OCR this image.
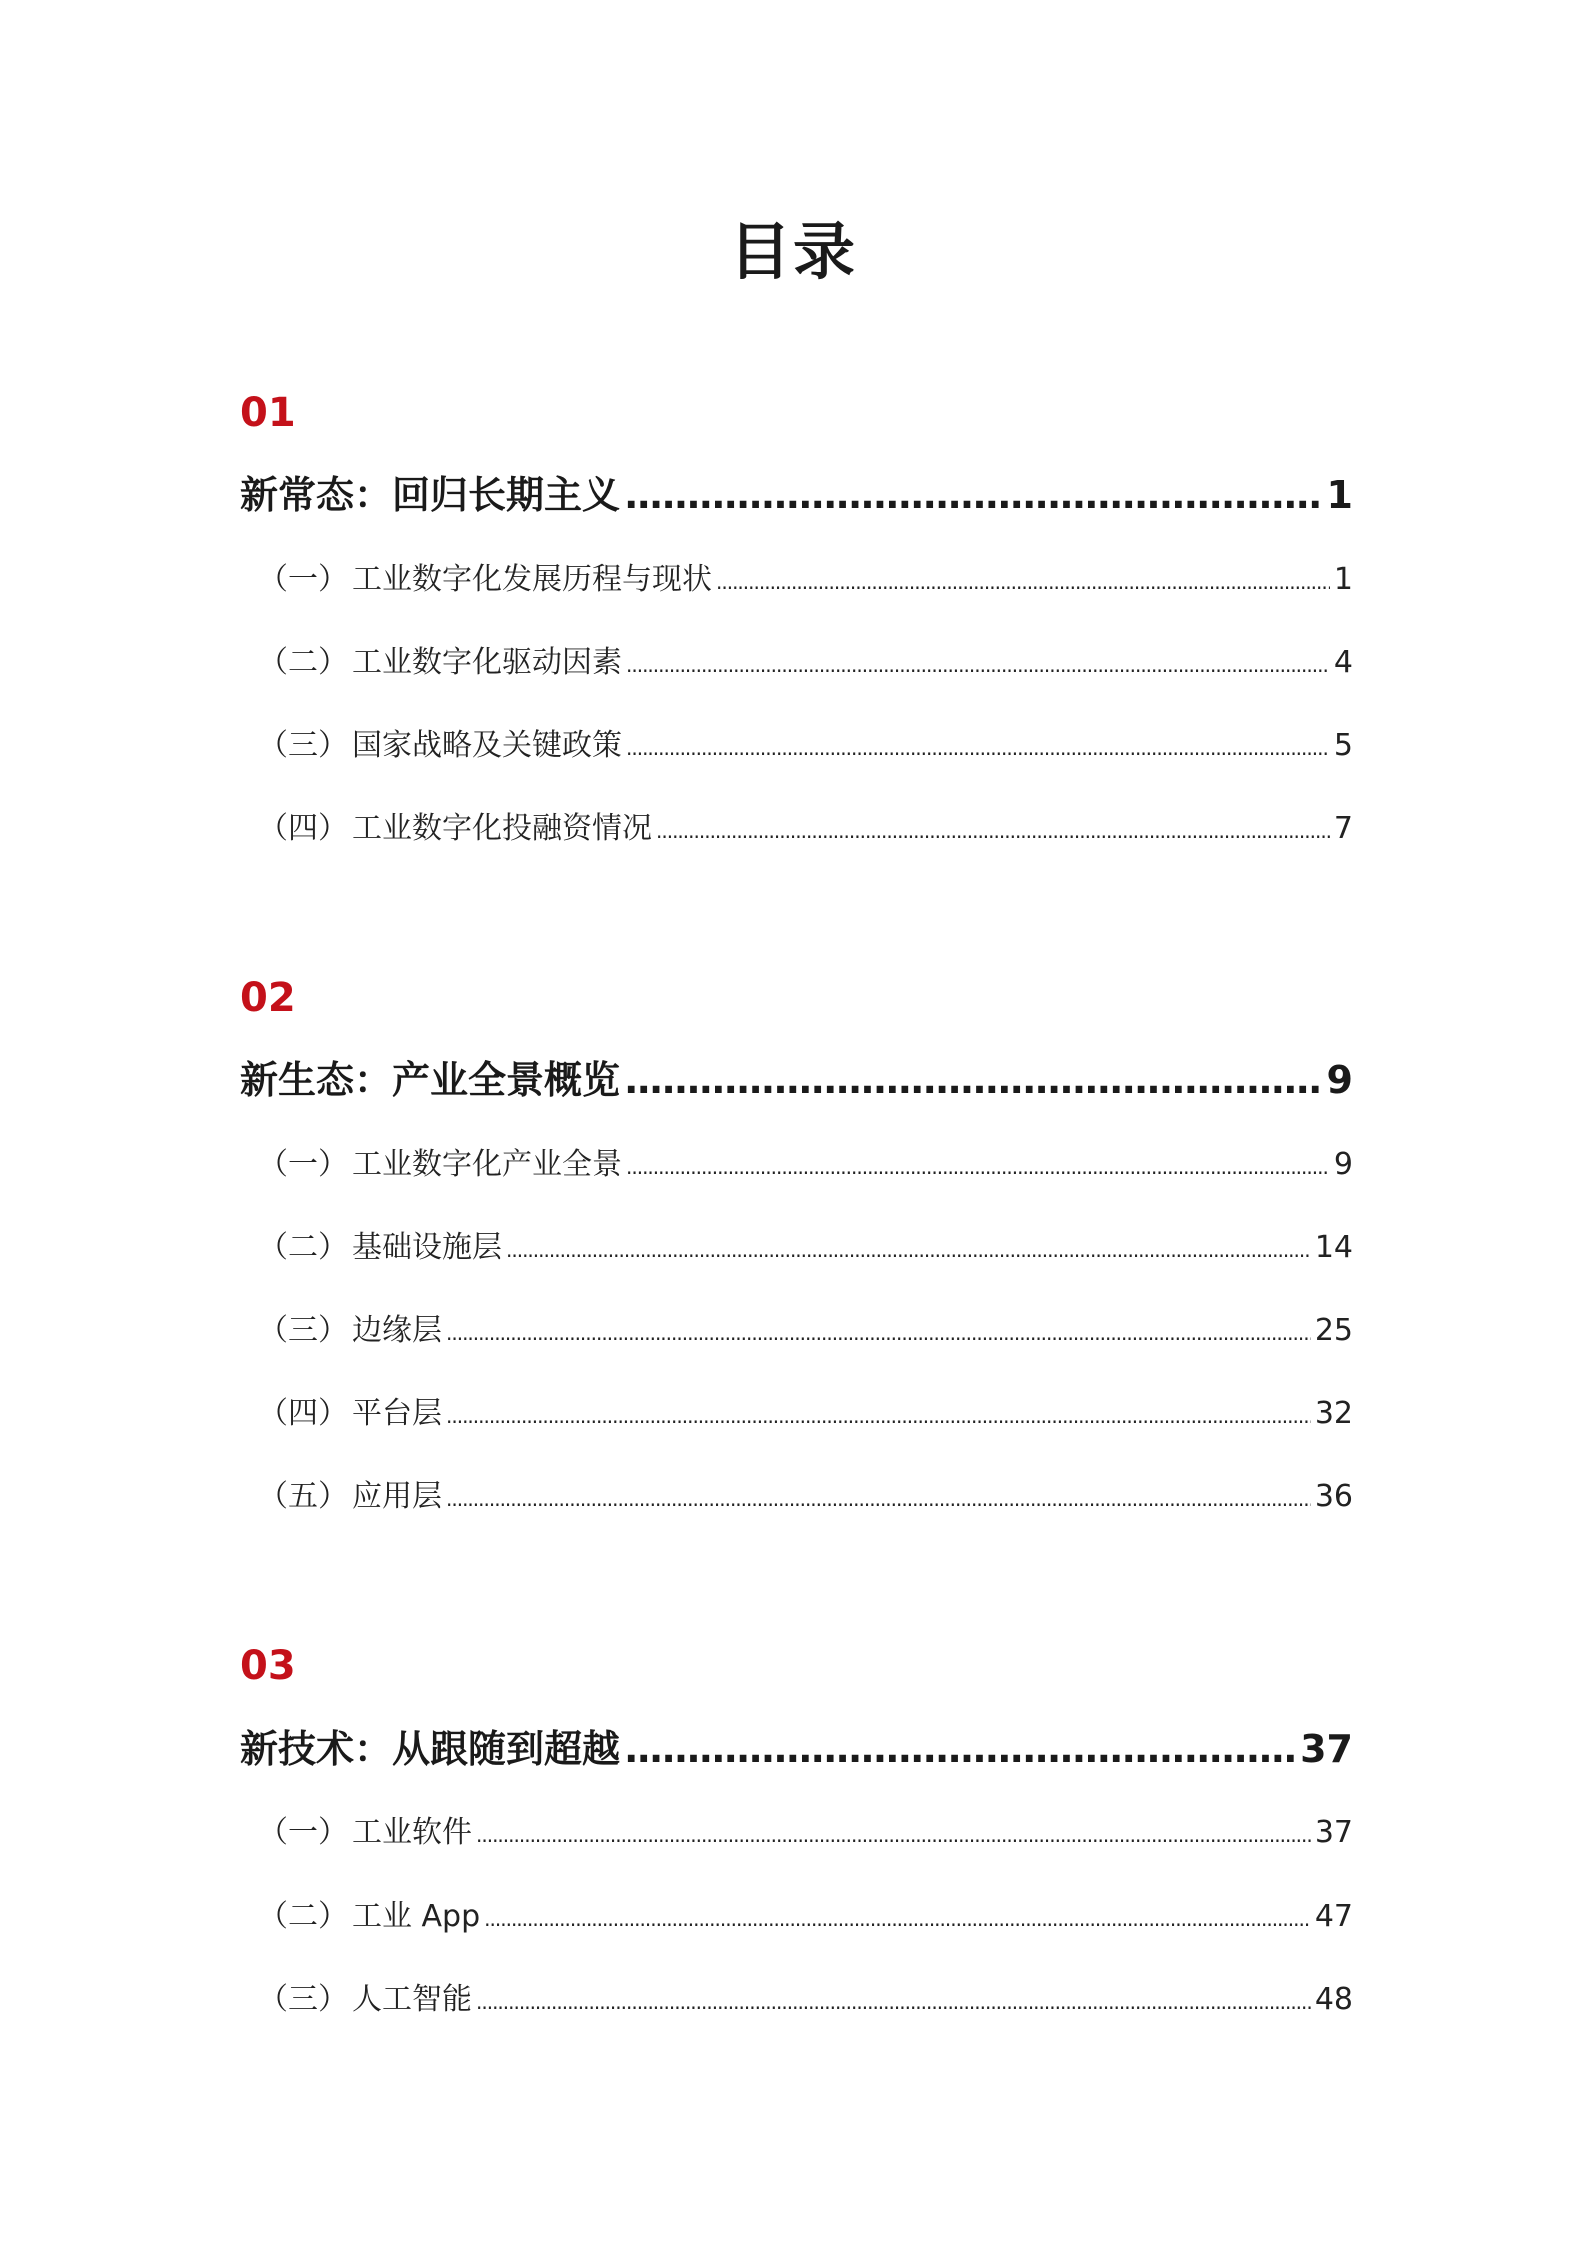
目录
01
新常态：回归长期主义 .....	1
（一） 工业数字化发展历程与现状 .....	1
（二） 工业数字化驱动因素 .....	4
（三） 国家战略及关键政策 .....	5
（四） 工业数字化投融资情况 .....	7
02
新生态：产业全景概览 .....	9
（一） 工业数字化产业全景 .....	9
（二） 基础设施层 .....	14
（三） 边缘层 .....	25
（四） 平台层 .....	32
（五） 应用层 .....	36
03
新技术：从跟随到超越 .....	37
（一） 工业软件 .....	37
（二） 工业 App .....	47
（三） 人工智能 .....	48
